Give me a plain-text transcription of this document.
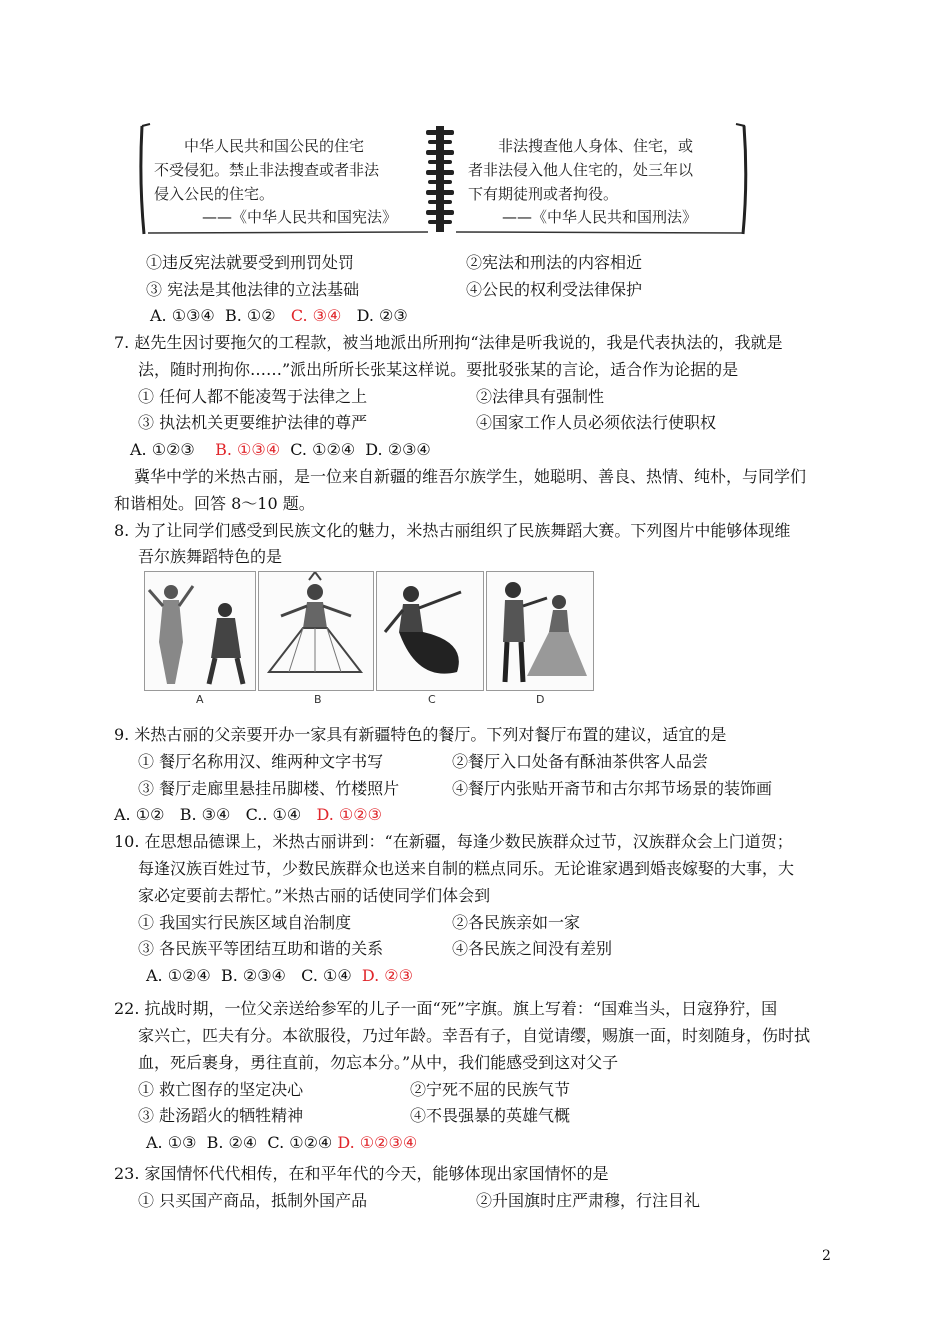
中华人民共和国公民的住宅
不受侵犯。禁止非法搜查或者非法
侵入公民的住宅。
——《中华人民共和国宪法》
非法搜查他人身体、住宅，或
者非法侵入他人住宅的，处三年以
下有期徒刑或者拘役。
——《中华人民共和国刑法》
①违反宪法就要受到刑罚处罚	②宪法和刑法的内容相近
③ 宪法是其他法律的立法基础	④公民的权利受法律保护
A. ①③④ B. ①② C. ③④ D. ②③
7. 赵先生因讨要拖欠的工程款，被当地派出所刑拘“法律是听我说的，我是代表执法的，我就是
法，随时刑拘你……”派出所所长张某这样说。要批驳张某的言论，适合作为论据的是
① 任何人都不能凌驾于法律之上	②法律具有强制性
③ 执法机关更要维护法律的尊严	④国家工作人员必须依法行使职权
A. ①②③ B. ①③④ C. ①②④ D. ②③④
冀华中学的米热古丽，是一位来自新疆的维吾尔族学生，她聪明、善良、热情、纯朴，与同学们
和谐相处。回答 8～10 题。
8. 为了让同学们感受到民族文化的魅力，米热古丽组织了民族舞蹈大赛。下列图片中能够体现维
吾尔族舞蹈特色的是
A	B	C	D
9. 米热古丽的父亲要开办一家具有新疆特色的餐厅。下列对餐厅布置的建议，适宜的是
① 餐厅名称用汉、维两种文字书写	②餐厅入口处备有酥油茶供客人品尝
③ 餐厅走廊里悬挂吊脚楼、竹楼照片	④餐厅内张贴开斋节和古尔邦节场景的装饰画
A. ①② B. ③④ C.. ①④ D. ①②③
10. 在思想品德课上，米热古丽讲到：“在新疆，每逢少数民族群众过节，汉族群众会上门道贺；
每逢汉族百姓过节，少数民族群众也送来自制的糕点同乐。无论谁家遇到婚丧嫁娶的大事，大
家必定要前去帮忙。”米热古丽的话使同学们体会到
① 我国实行民族区域自治制度	②各民族亲如一家
③ 各民族平等团结互助和谐的关系	④各民族之间没有差别
A. ①②④ B. ②③④ C. ①④ D. ②③
22. 抗战时期，一位父亲送给参军的儿子一面“死”字旗。旗上写着：“国难当头，日寇狰狞，国
家兴亡，匹夫有分。本欲服役，乃过年龄。幸吾有子，自觉请缨，赐旗一面，时刻随身，伤时拭
血，死后裹身，勇往直前，勿忘本分。”从中，我们能感受到这对父子
① 救亡图存的坚定决心	②宁死不屈的民族气节
③ 赴汤蹈火的牺牲精神	④不畏强暴的英雄气概
A. ①③ B. ②④ C. ①②④ D. ①②③④
23. 家国情怀代代相传，在和平年代的今天，能够体现出家国情怀的是
① 只买国产商品，抵制外国产品	②升国旗时庄严肃穆，行注目礼
2
